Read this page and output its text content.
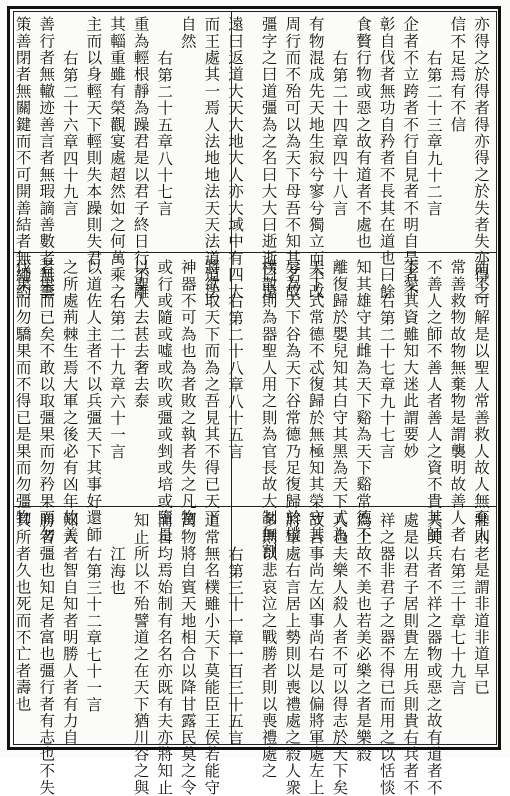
亦得之於得者得亦得之於失者失亦得之
信不足焉有不信
右第二十三章九十二言
企者不立跨者不行自見者不明自是者不
彰自伐者無功自矜者不長其在道也曰餘
食贅行物或惡之故有道者不處也
右第二十四章四十八言
有物混成先天地生寂兮寥兮獨立而不改
周行而不殆可以為天下母吾不知其名故
彊字之曰道彊為之名曰大大曰逝逝曰遠
遠曰返道大天大地大人亦大域中有四大
而王處其一焉人法地地法天天法道道法
自然
右第二十五章八十七言
重為輕根靜為躁君是以君子終日行不離
其輜重雖有榮觀宴處超然如之何萬乘之
主而以身輕天下輕則失本躁則失君
右第二十六章四十九言
善行者無轍迹善言者無瑕謫善數者無籌
策善閉者無關鍵而不可開善結者無繩約
而不可解是以聖人常善救人故人無棄人
常善救物故物無棄物是謂襲明故善人者
不善人之師不善人者善人之資不貴其師
不愛其資雖知大迷此謂要妙
右第二十七章九十七言
知其雄守其雌為天下谿為天下谿常德不
離復歸於嬰兒知其白守其黑為天下式為
天下式常德不忒復歸於無極知其榮守其
辱為天下谷為天下谷常德乃足復歸於樸
樸散則為器聖人用之則為官長故大制無割
右第二十八章八十五言
將欲取天下而為之吾見其不得已天下
神器不可為也為者敗之執者失之凡物
或行或隨或噓或吹或彊或剉或培或墮是
以聖人去甚去奢去泰
右第二十九章六十一言
以道佐人主者不以兵彊天下其事好還師
之所處荊棘生焉大軍之後必有凶年故善
者果而已矣不敢以取彊果而勿矜果而勿
伐果而勿驕果而不得已是果而勿彊物
壯則老是謂非道非道早已
右第三十章七十九言
夫美兵者不祥之器物或惡之故有道者不
處是以君子居則貴左用兵則貴右兵者不
祥之器非君子之器不得已而用之以恬惔
為上故不美也若美必樂之者是樂殺
人也夫樂人殺人者不可以得志於天下矣
故吉事尚左凶事尚右是以偏將軍處左上
將軍處右言居上勢則以喪禮處之殺人衆
多則以悲哀泣之戰勝者則以喪禮處之
右第三十一章一百三十五言
道常無名樸雖小天下莫能臣王侯若能守
萬物將自賓天地相合以降甘露民莫之令
而自均焉始制有名名亦既有夫亦將知止
知止所以不殆譬道之在天下猶川谷之與
江海也
右第三十二章七十一言
知人者智自知者明勝人者有力自
勝者彊也知足者富也彊行者有志也不失
其所者久也死而不亡者壽也
